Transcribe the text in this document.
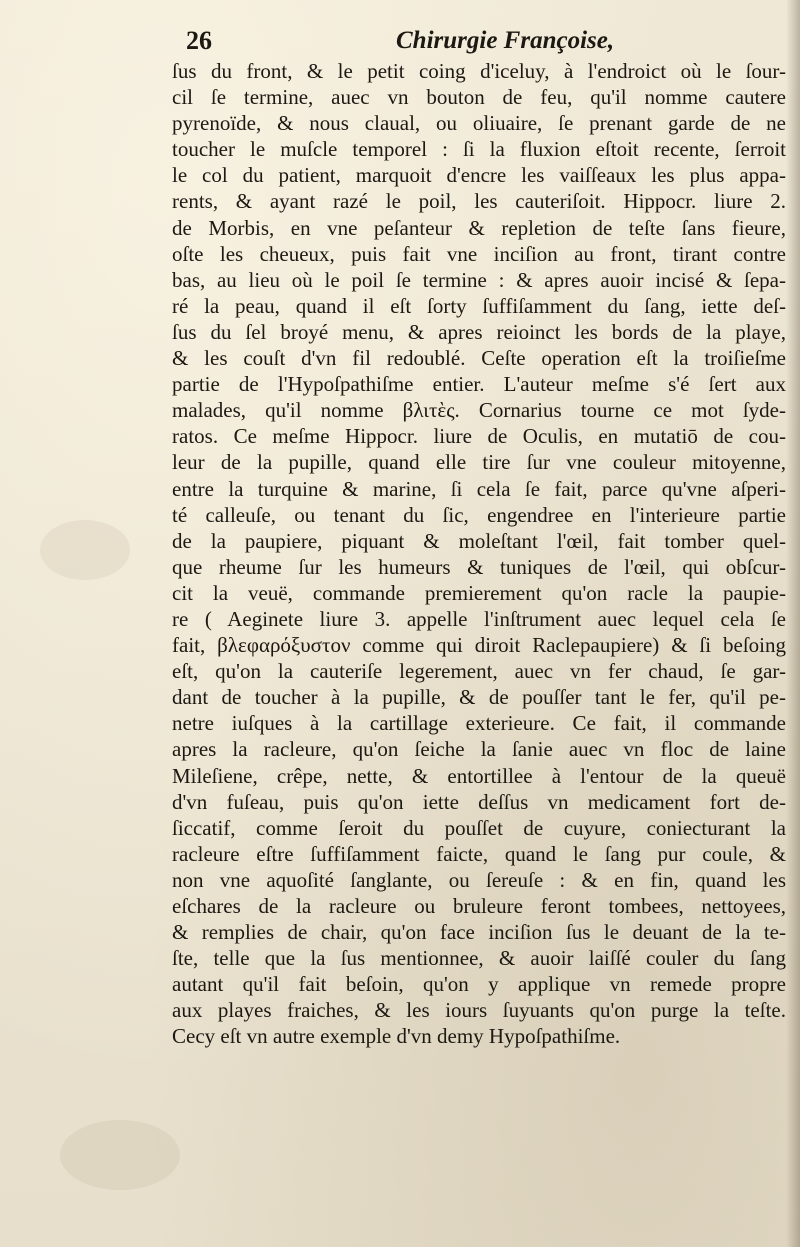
26	Chirurgie Françoise,
ſus du front, & le petit coing d'iceluy, à l'endroict où le ſour-
cil ſe termine, auec vn bouton de feu, qu'il nomme cautere
pyrenoïde, & nous claual, ou oliuaire, ſe prenant garde de ne
toucher le muſcle temporel : ſi la fluxion eſtoit recente, ſerroit
le col du patient, marquoit d'encre les vaiſſeaux les plus appa-
rents, & ayant razé le poil, les cauteriſoit. Hippocr. liure 2.
de Morbis, en vne peſanteur & repletion de teſte ſans fieure,
oſte les cheueux, puis fait vne inciſion au front, tirant contre
bas, au lieu où le poil ſe termine : & apres auoir incisé & ſepa-
ré la peau, quand il eſt ſorty ſuffiſamment du ſang, iette deſ-
ſus du ſel broyé menu, & apres reioinct les bords de la playe,
& les couſt d'vn fil redoublé. Ceſte operation eſt la troiſieſme
partie de l'Hypoſpathiſme entier. L'auteur meſme s'é ſert aux
malades, qu'il nomme βλιτὲς. Cornarius tourne ce mot ſyde-
ratos. Ce meſme Hippocr. liure de Oculis, en mutatiō de cou-
leur de la pupille, quand elle tire ſur vne couleur mitoyenne,
entre la turquine & marine, ſi cela ſe fait, parce qu'vne aſperi-
té calleuſe, ou tenant du ſic, engendree en l'interieure partie
de la paupiere, piquant & moleſtant l'œil, fait tomber quel-
que rheume ſur les humeurs & tuniques de l'œil, qui obſcur-
cit la veuë, commande premierement qu'on racle la paupie-
re ( Aeginete liure 3. appelle l'inſtrument auec lequel cela ſe
fait, βλεφαρόξυστον comme qui diroit Raclepaupiere) & ſi beſoing
eſt, qu'on la cauteriſe legerement, auec vn fer chaud, ſe gar-
dant de toucher à la pupille, & de pouſſer tant le fer, qu'il pe-
netre iuſques à la cartillage exterieure. Ce fait, il commande
apres la racleure, qu'on ſeiche la ſanie auec vn floc de laine
Mileſiene, crêpe, nette, & entortillee à l'entour de la queuë
d'vn fuſeau, puis qu'on iette deſſus vn medicament fort de-
ſiccatif, comme ſeroit du pouſſet de cuyure, coniecturant la
racleure eſtre ſuffiſamment faicte, quand le ſang pur coule, &
non vne aquoſité ſanglante, ou ſereuſe : & en fin, quand les
eſchares de la racleure ou bruleure feront tombees, nettoyees,
& remplies de chair, qu'on face inciſion ſus le deuant de la te-
ſte, telle que la ſus mentionnee, & auoir laiſſé couler du ſang
autant qu'il fait beſoin, qu'on y applique vn remede propre
aux playes fraiches, & les iours ſuyuants qu'on purge la teſte.
Cecy eſt vn autre exemple d'vn demy Hypoſpathiſme.
